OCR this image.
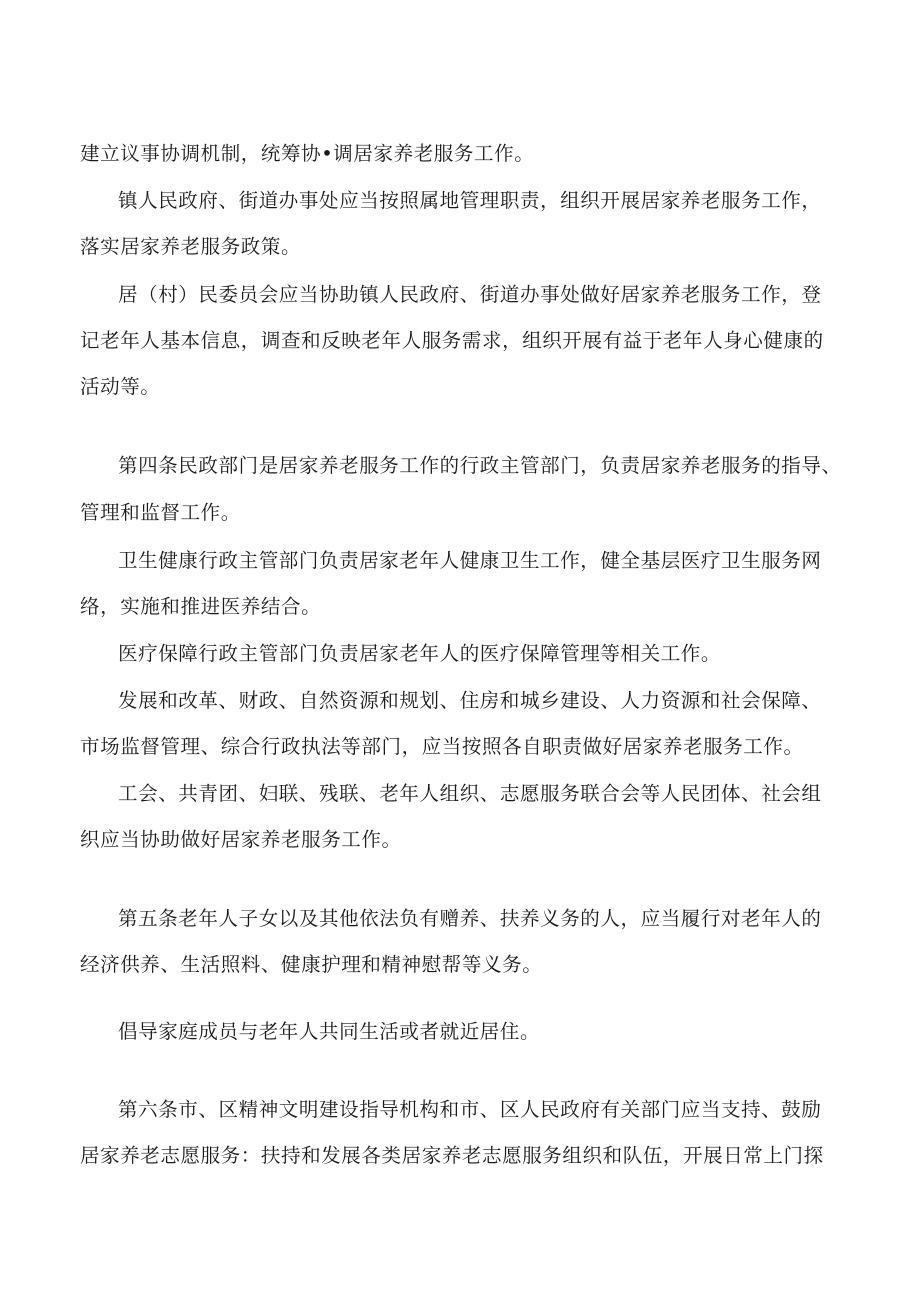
建立议事协调机制，统筹协•调居家养老服务工作。
镇人民政府、街道办事处应当按照属地管理职责，组织开展居家养老服务工作，
落实居家养老服务政策。
居（村）民委员会应当协助镇人民政府、街道办事处做好居家养老服务工作，登
记老年人基本信息，调查和反映老年人服务需求，组织开展有益于老年人身心健康的
活动等。
第四条民政部门是居家养老服务工作的行政主管部门，负责居家养老服务的指导、
管理和监督工作。
卫生健康行政主管部门负责居家老年人健康卫生工作，健全基层医疗卫生服务网
络，实施和推进医养结合。
医疗保障行政主管部门负责居家老年人的医疗保障管理等相关工作。
发展和改革、财政、自然资源和规划、住房和城乡建设、人力资源和社会保障、
市场监督管理、综合行政执法等部门，应当按照各自职责做好居家养老服务工作。
工会、共青团、妇联、残联、老年人组织、志愿服务联合会等人民团体、社会组
织应当协助做好居家养老服务工作。
第五条老年人子女以及其他依法负有赠养、扶养义务的人，应当履行对老年人的
经济供养、生活照料、健康护理和精神慰帮等义务。
倡导家庭成员与老年人共同生活或者就近居住。
第六条市、区精神文明建设指导机构和市、区人民政府有关部门应当支持、鼓励
居家养老志愿服务：扶持和发展各类居家养老志愿服务组织和队伍，开展日常上门探
